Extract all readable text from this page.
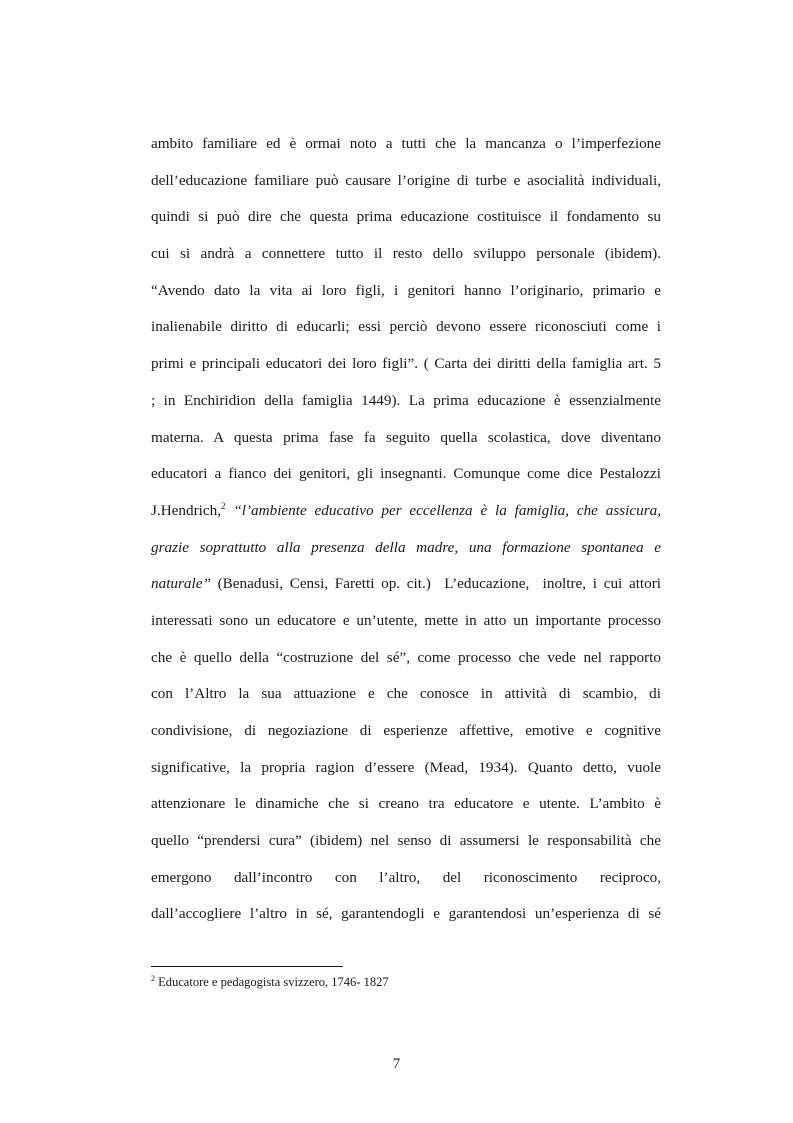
ambito familiare ed è ormai noto a tutti che la mancanza o l’imperfezione
dell’educazione familiare può causare l’origine di turbe e asocialità individuali,
quindi si può dire che questa prima educazione costituisce il fondamento su
cui si andrà a connettere tutto il resto dello sviluppo personale (ibidem).
“Avendo dato la vita ai loro figli, i genitori hanno l’originario, primario e
inalienabile diritto di educarli; essi perciò devono essere riconosciuti come i
primi e principali educatori dei loro figli”. ( Carta dei diritti della famiglia art. 5
; in Enchiridion della famiglia 1449). La prima educazione è essenzialmente
materna. A questa prima fase fa seguito quella scolastica, dove diventano
educatori a fianco dei genitori, gli insegnanti. Comunque come dice Pestalozzi
J.Hendrich,$^2$ “l’ambiente educativo per eccellenza è la famiglia, che assicura,
grazie soprattutto alla presenza della madre, una formazione spontanea e
naturale” (Benadusi, Censi, Faretti op. cit.)  L’educazione,  inoltre, i cui attori
interessati sono un educatore e un’utente, mette in atto un importante processo
che è quello della “costruzione del sé”, come processo che vede nel rapporto
con l’Altro la sua attuazione e che conosce in attività di scambio, di
condivisione, di negoziazione di esperienze affettive, emotive e cognitive
significative, la propria ragion d’essere (Mead, 1934). Quanto detto, vuole
attenzionare le dinamiche che si creano tra educatore e utente. L’ambito è
quello “prendersi cura” (ibidem) nel senso di assumersi le responsabilità che
emergono dall’incontro con l’altro, del riconoscimento reciproco,
dall’accogliere l’altro in sé, garantendogli e garantendosi un’esperienza di sé
$^2$ Educatore e pedagogista svizzero, 1746- 1827
7
